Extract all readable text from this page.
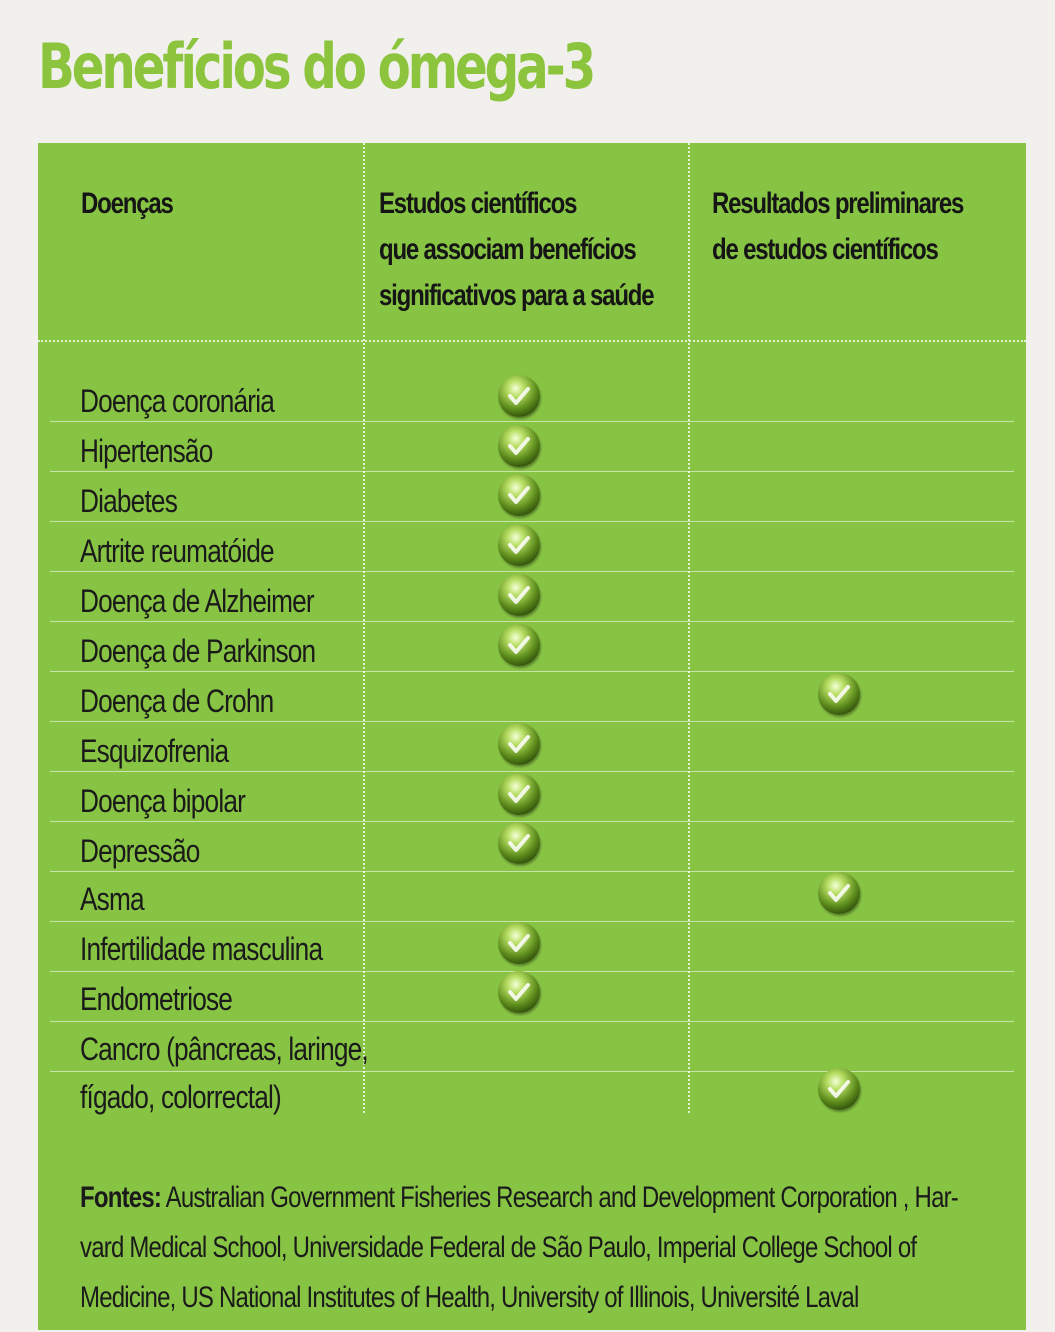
Benefícios do ómega-3
Doenças	Estudos científicos
que associam benefícios
significativos para a saúde
Resultados preliminares
de estudos científicos
Doença coronária
Hipertensão
Diabetes
Artrite reumatóide
Doença de Alzheimer
Doença de Parkinson
Doença de Crohn
Esquizofrenia
Doença bipolar
Depressão
Asma
Infertilidade masculina
Endometriose
Cancro (pâncreas, laringe,
fígado, colorrectal)
Fontes: Australian Government Fisheries Research and Development Corporation , Har-
vard Medical School, Universidade Federal de São Paulo, Imperial College School of
Medicine, US National Institutes of Health, University of Illinois, Université Laval
